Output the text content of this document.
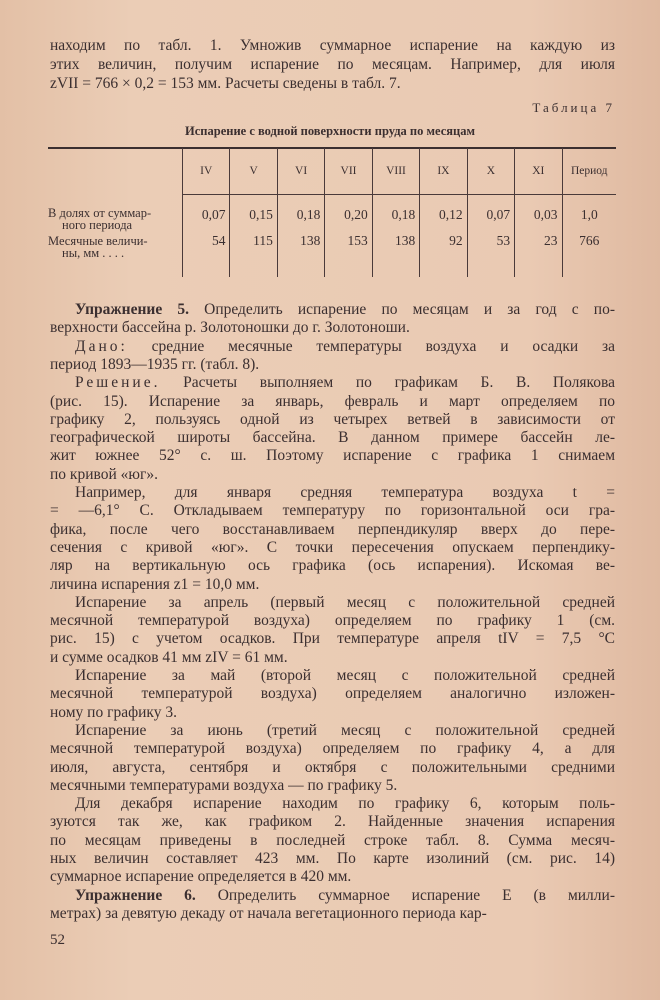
находим по табл. 1. Умножив суммарное испарение на каждую из
этих величин, получим испарение по месяцам. Например, для июля
zVII = 766 × 0,2 = 153 мм. Расчеты сведены в табл. 7.
Таблица 7
Испарение с водной поверхности пруда по месяцам
	IV	V	VI	VII	VIII	IX	X	XI	Период

В долях от суммар-
ного периода	0,07	0,15	0,18	0,20	0,18	0,12	0,07	0,03	1,0

Месячные величи-
ны, мм . . . .	54	115	138	153	138	92	53	23	766
Упражнение 5. Определить испарение по месяцам и за год с по-
верхности бассейна р. Золотоношки до г. Золотоноши.
Дано: средние месячные температуры воздуха и осадки за
период 1893—1935 гг. (табл. 8).
Решение. Расчеты выполняем по графикам Б. В. Полякова
(рис. 15). Испарение за январь, февраль и март определяем по
графику 2, пользуясь одной из четырех ветвей в зависимости от
географической широты бассейна. В данном примере бассейн ле-
жит южнее 52° с. ш. Поэтому испарение с графика 1 снимаем
по кривой «юг».
Например, для января средняя температура воздуха t =
= —6,1° С. Откладываем температуру по горизонтальной оси гра-
фика, после чего восстанавливаем перпендикуляр вверх до пере-
сечения с кривой «юг». С точки пересечения опускаем перпендику-
ляр на вертикальную ось графика (ось испарения). Искомая ве-
личина испарения z1 = 10,0 мм.
Испарение за апрель (первый месяц с положительной средней
месячной температурой воздуха) определяем по графику 1 (см.
рис. 15) с учетом осадков. При температуре апреля tIV = 7,5 °C
и сумме осадков 41 мм zIV = 61 мм.
Испарение за май (второй месяц с положительной средней
месячной температурой воздуха) определяем аналогично изложен-
ному по графику 3.
Испарение за июнь (третий месяц с положительной средней
месячной температурой воздуха) определяем по графику 4, а для
июля, августа, сентября и октября с положительными средними
месячными температурами воздуха — по графику 5.
Для декабря испарение находим по графику 6, которым поль-
зуются так же, как графиком 2. Найденные значения испарения
по месяцам приведены в последней строке табл. 8. Сумма месяч-
ных величин составляет 423 мм. По карте изолиний (см. рис. 14)
суммарное испарение определяется в 420 мм.
Упражнение 6. Определить суммарное испарение E (в милли-
метрах) за девятую декаду от начала вегетационного периода кар-
52
